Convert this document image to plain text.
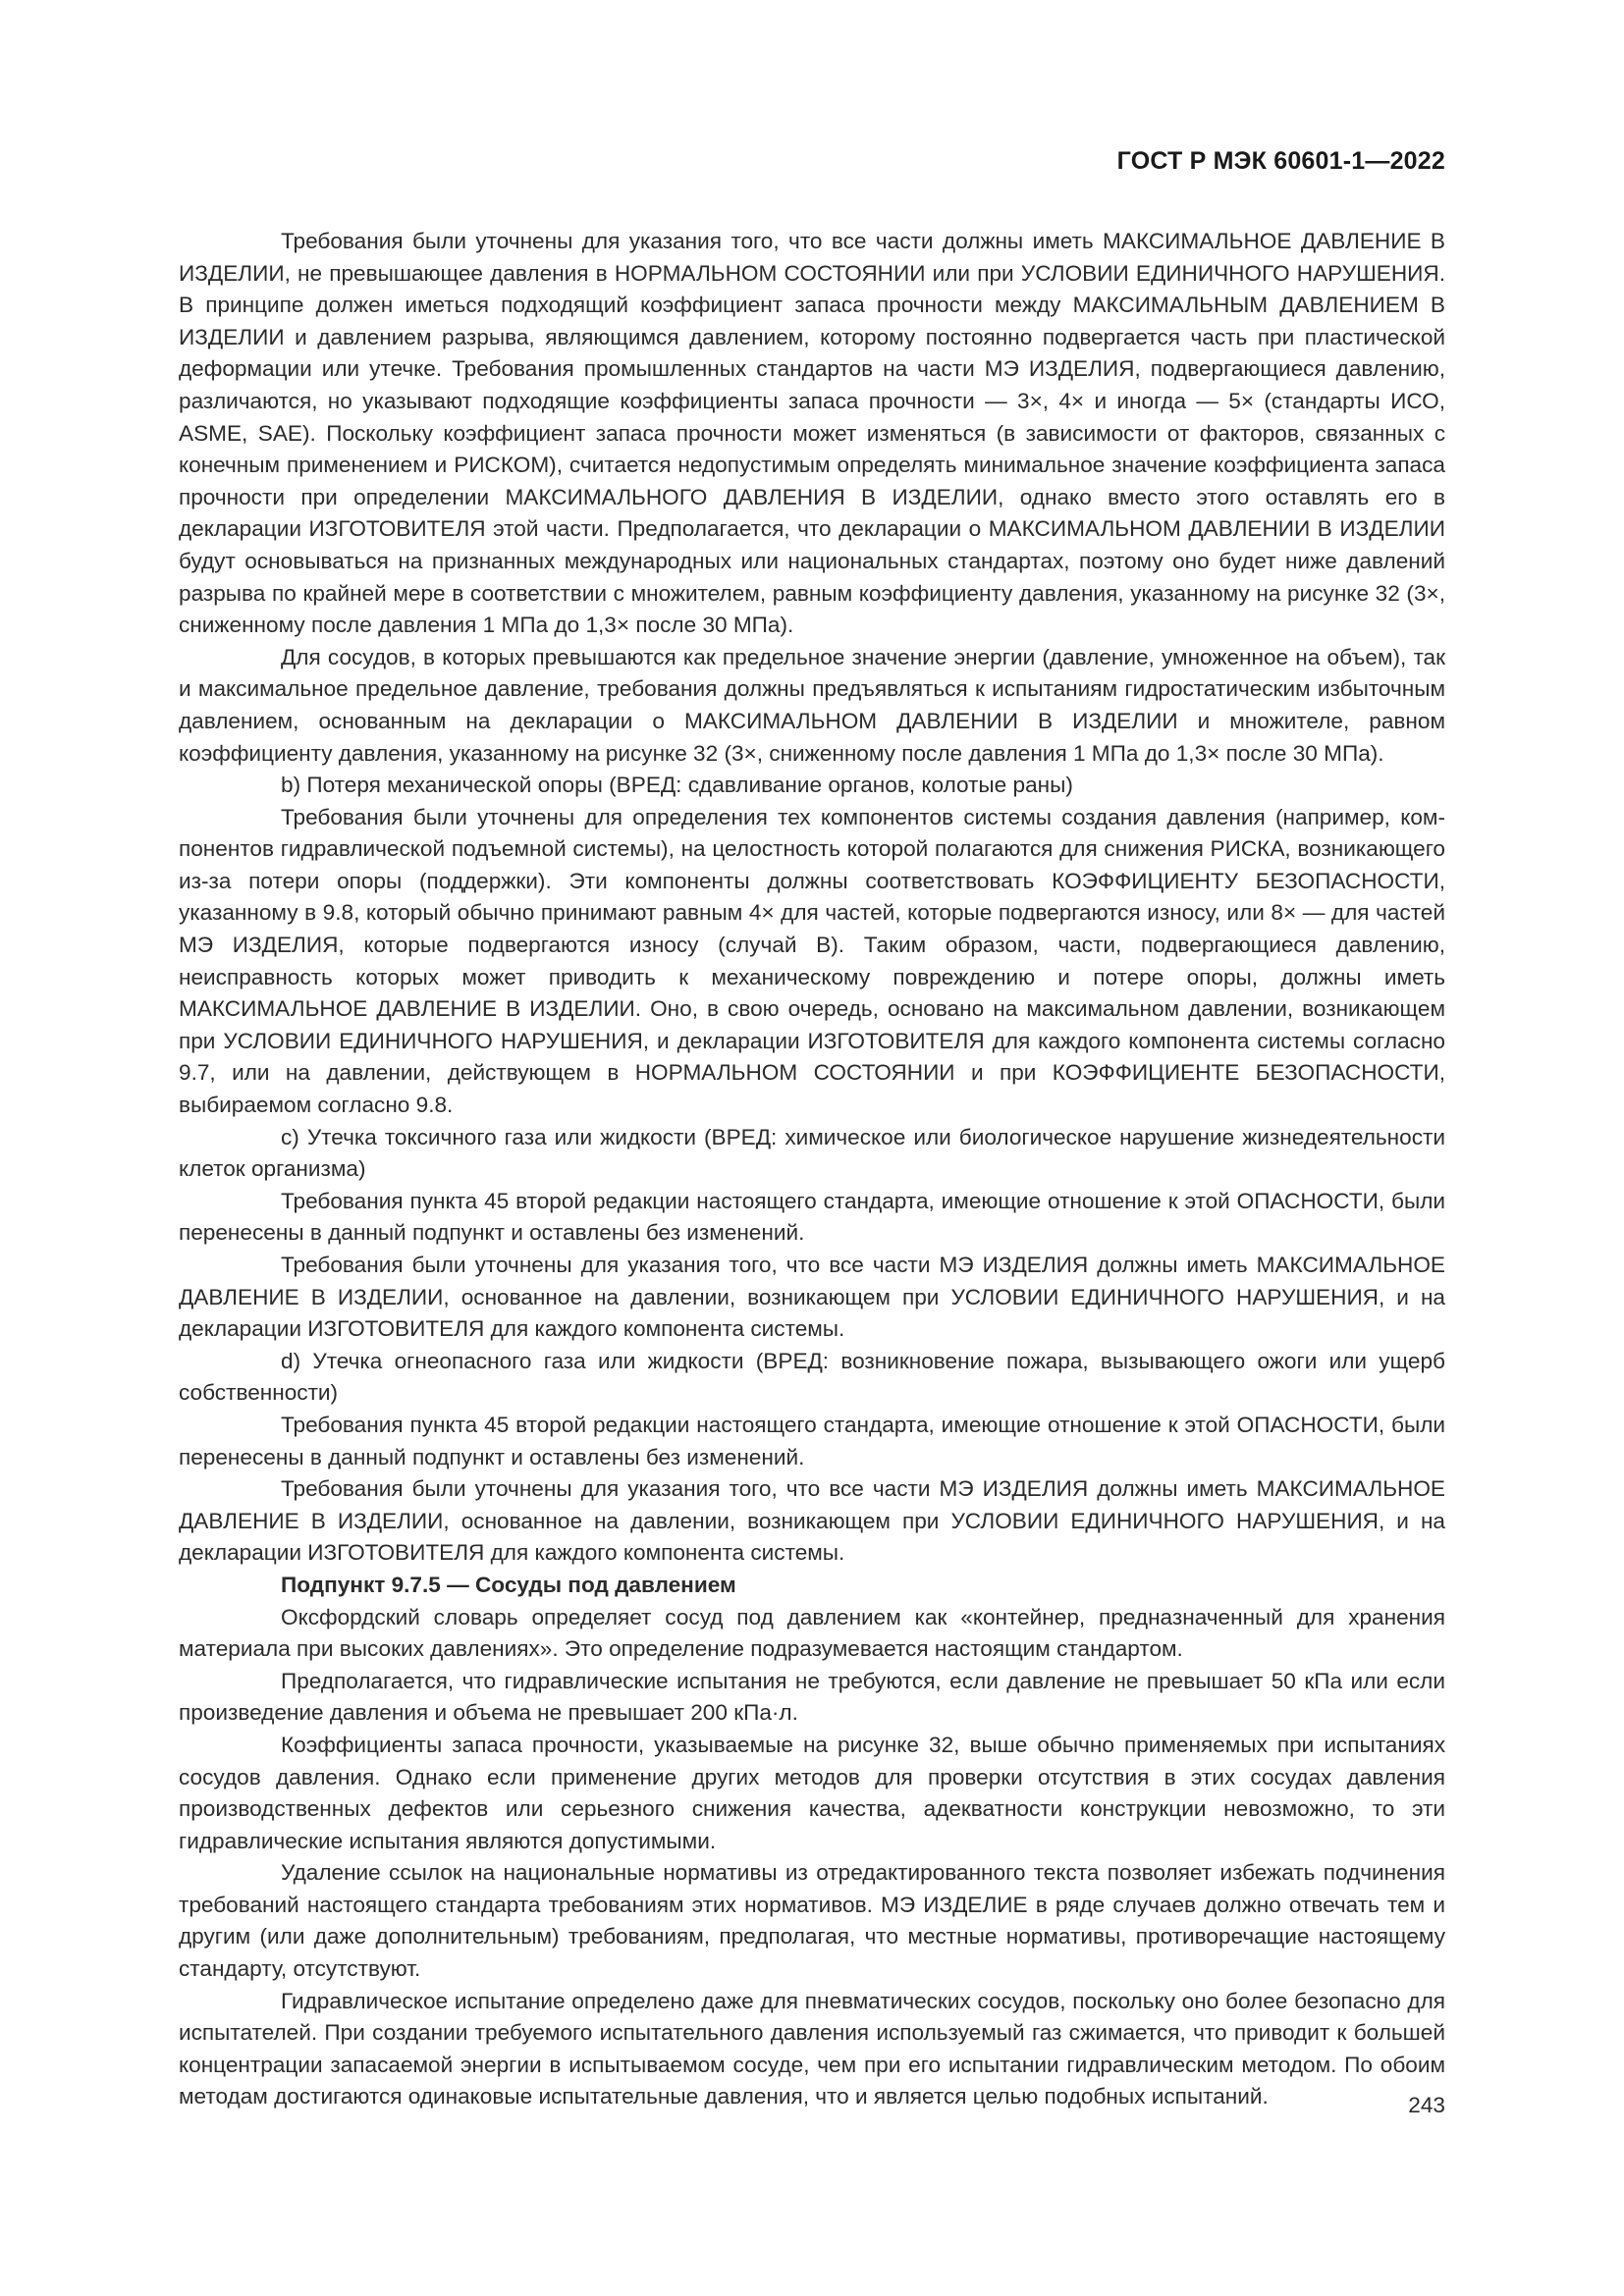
ГОСТ Р МЭК 60601-1—2022

Требования были уточнены для указания того, что все части должны иметь МАКСИМАЛЬНОЕ ДАВЛЕНИЕ В ИЗДЕЛИИ, не превышающее давления в НОРМАЛЬНОМ СОСТОЯНИИ или при УСЛОВИИ ЕДИНИЧНОГО НАРУШЕНИЯ. В принципе должен иметься подходящий коэффициент запаса прочности между МАКСИМАЛЬНЫМ ДАВЛЕНИЕМ В ИЗДЕЛИИ и давлением разрыва, являющимся давлением, которому постоянно подвергается часть при пластической деформации или утечке. Требования промышленных стандартов на части МЭ ИЗДЕЛИЯ, подвергающиеся давлению, различаются, но указывают подходящие коэффициенты запаса прочности — 3×, 4× и иногда — 5× (стандарты ИСО, ASME, SAE). Поскольку коэффициент запаса прочности может изменяться (в зависимости от факторов, связанных с конечным применением и РИСКОМ), считается недопустимым определять минимальное значение коэффициента запаса прочности при определении МАКСИМАЛЬНОГО ДАВЛЕНИЯ В ИЗДЕЛИИ, однако вместо этого оставлять его в декларации ИЗГОТОВИТЕЛЯ этой части. Предполагается, что декларации о МАКСИМАЛЬНОМ ДАВЛЕНИИ В ИЗДЕЛИИ будут основываться на признанных международных или национальных стандартах, поэтому оно будет ниже давлений разрыва по крайней мере в соответствии с множителем, равным коэффициенту давления, указанному на рисунке 32 (3×, сниженному после давления 1 МПа до 1,3× после 30 МПа).

Для сосудов, в которых превышаются как предельное значение энергии (давление, умноженное на объем), так и максимальное предельное давление, требования должны предъявляться к испытаниям гидростатическим избыточным давлением, основанным на декларации о МАКСИМАЛЬНОМ ДАВЛЕНИИ В ИЗДЕЛИИ и множителе, равном коэффициенту давления, указанному на рисунке 32 (3×, сниженному после давления 1 МПа до 1,3× после 30 МПа).

b) Потеря механической опоры (ВРЕД: сдавливание органов, колотые раны)

Требования были уточнены для определения тех компонентов системы создания давления (например, компонентов гидравлической подъемной системы), на целостность которой полагаются для снижения РИСКА, возникающего из-за потери опоры (поддержки). Эти компоненты должны соответствовать КОЭФФИЦИЕНТУ БЕЗОПАСНОСТИ, указанному в 9.8, который обычно принимают равным 4× для частей, которые подвергаются износу, или 8× — для частей МЭ ИЗДЕЛИЯ, которые подвергаются износу (случай В). Таким образом, части, подвергающиеся давлению, неисправность которых может приводить к механическому повреждению и потере опоры, должны иметь МАКСИМАЛЬНОЕ ДАВЛЕНИЕ В ИЗДЕЛИИ. Оно, в свою очередь, основано на максимальном давлении, возникающем при УСЛОВИИ ЕДИНИЧНОГО НАРУШЕНИЯ, и декларации ИЗГОТОВИТЕЛЯ для каждого компонента системы согласно 9.7, или на давлении, действующем в НОРМАЛЬНОМ СОСТОЯНИИ и при КОЭФФИЦИЕНТЕ БЕЗОПАСНОСТИ, выбираемом согласно 9.8.

c) Утечка токсичного газа или жидкости (ВРЕД: химическое или биологическое нарушение жизнедеятельности клеток организма)

Требования пункта 45 второй редакции настоящего стандарта, имеющие отношение к этой ОПАСНОСТИ, были перенесены в данный подпункт и оставлены без изменений.

Требования были уточнены для указания того, что все части МЭ ИЗДЕЛИЯ должны иметь МАКСИМАЛЬНОЕ ДАВЛЕНИЕ В ИЗДЕЛИИ, основанное на давлении, возникающем при УСЛОВИИ ЕДИНИЧНОГО НАРУШЕНИЯ, и на декларации ИЗГОТОВИТЕЛЯ для каждого компонента системы.

d) Утечка огнеопасного газа или жидкости (ВРЕД: возникновение пожара, вызывающего ожоги или ущерб собственности)

Требования пункта 45 второй редакции настоящего стандарта, имеющие отношение к этой ОПАСНОСТИ, были перенесены в данный подпункт и оставлены без изменений.

Требования были уточнены для указания того, что все части МЭ ИЗДЕЛИЯ должны иметь МАКСИМАЛЬНОЕ ДАВЛЕНИЕ В ИЗДЕЛИИ, основанное на давлении, возникающем при УСЛОВИИ ЕДИНИЧНОГО НАРУШЕНИЯ, и на декларации ИЗГОТОВИТЕЛЯ для каждого компонента системы.

Подпункт 9.7.5 — Сосуды под давлением

Оксфордский словарь определяет сосуд под давлением как «контейнер, предназначенный для хранения материала при высоких давлениях». Это определение подразумевается настоящим стандартом.

Предполагается, что гидравлические испытания не требуются, если давление не превышает 50 кПа или если произведение давления и объема не превышает 200 кПа·л.

Коэффициенты запаса прочности, указываемые на рисунке 32, выше обычно применяемых при испытаниях сосудов давления. Однако если применение других методов для проверки отсутствия в этих сосудах давления производственных дефектов или серьезного снижения качества, адекватности конструкции невозможно, то эти гидравлические испытания являются допустимыми.

Удаление ссылок на национальные нормативы из отредактированного текста позволяет избежать подчинения требований настоящего стандарта требованиям этих нормативов. МЭ ИЗДЕЛИЕ в ряде случаев должно отвечать тем и другим (или даже дополнительным) требованиям, предполагая, что местные нормативы, противоречащие настоящему стандарту, отсутствуют.

Гидравлическое испытание определено даже для пневматических сосудов, поскольку оно более безопасно для испытателей. При создании требуемого испытательного давления используемый газ сжимается, что приводит к большей концентрации запасаемой энергии в испытываемом сосуде, чем при его испытании гидравлическим методом. По обоим методам достигаются одинаковые испытательные давления, что и является целью подобных испытаний.	243
